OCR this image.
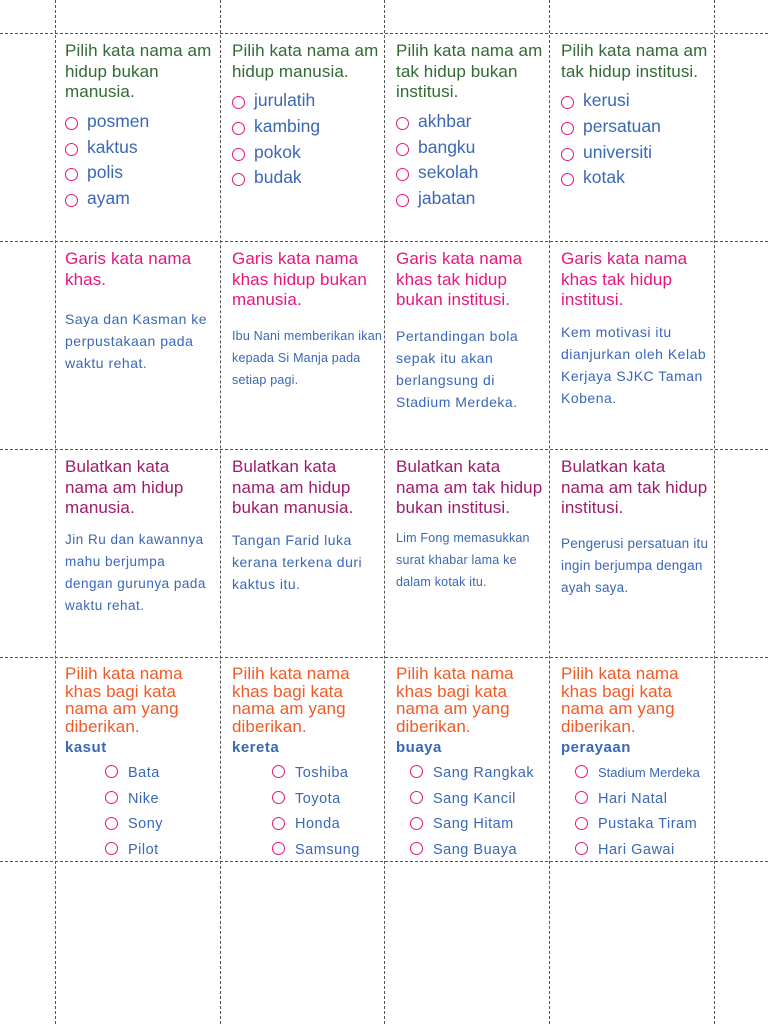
Pilih kata nama am hidup bukan manusia.

posmen
kaktus
polis
ayam

Pilih kata nama am hidup manusia.

jurulatih
kambing
pokok
budak

Pilih kata nama am tak hidup bukan institusi.

akhbar
bangku
sekolah
jabatan

Pilih kata nama am tak hidup institusi.

kerusi
persatuan
universiti
kotak

Garis kata nama khas.

Saya dan Kasman ke perpustakaan pada waktu rehat.

Garis kata nama khas hidup bukan manusia.

Ibu Nani memberikan ikan kepada Si Manja pada setiap pagi.

Garis kata nama khas tak hidup bukan institusi.

Pertandingan bola sepak itu akan berlangsung di Stadium Merdeka.

Garis kata nama khas tak hidup institusi.

Kem motivasi itu dianjurkan oleh Kelab Kerjaya SJKC Taman Kobena.

Bulatkan kata nama am hidup manusia.

Jin Ru dan kawannya mahu berjumpa dengan gurunya pada waktu rehat.

Bulatkan kata nama am hidup bukan manusia.

Tangan Farid luka kerana terkena duri kaktus itu.

Bulatkan kata nama am tak hidup bukan institusi.

Lim Fong memasukkan surat khabar lama ke dalam kotak itu.

Bulatkan kata nama am tak hidup institusi.

Pengerusi persatuan itu ingin berjumpa dengan ayah saya.

Pilih kata nama khas bagi kata nama am yang diberikan.

kasut
Bata
Nike
Sony
Pilot

Pilih kata nama khas bagi kata nama am yang diberikan.

kereta
Toshiba
Toyota
Honda
Samsung

Pilih kata nama khas bagi kata nama am yang diberikan.

buaya
Sang Rangkak
Sang Kancil
Sang Hitam
Sang Buaya

Pilih kata nama khas bagi kata nama am yang diberikan.

perayaan
Stadium Merdeka
Hari Natal
Pustaka Tiram
Hari Gawai
